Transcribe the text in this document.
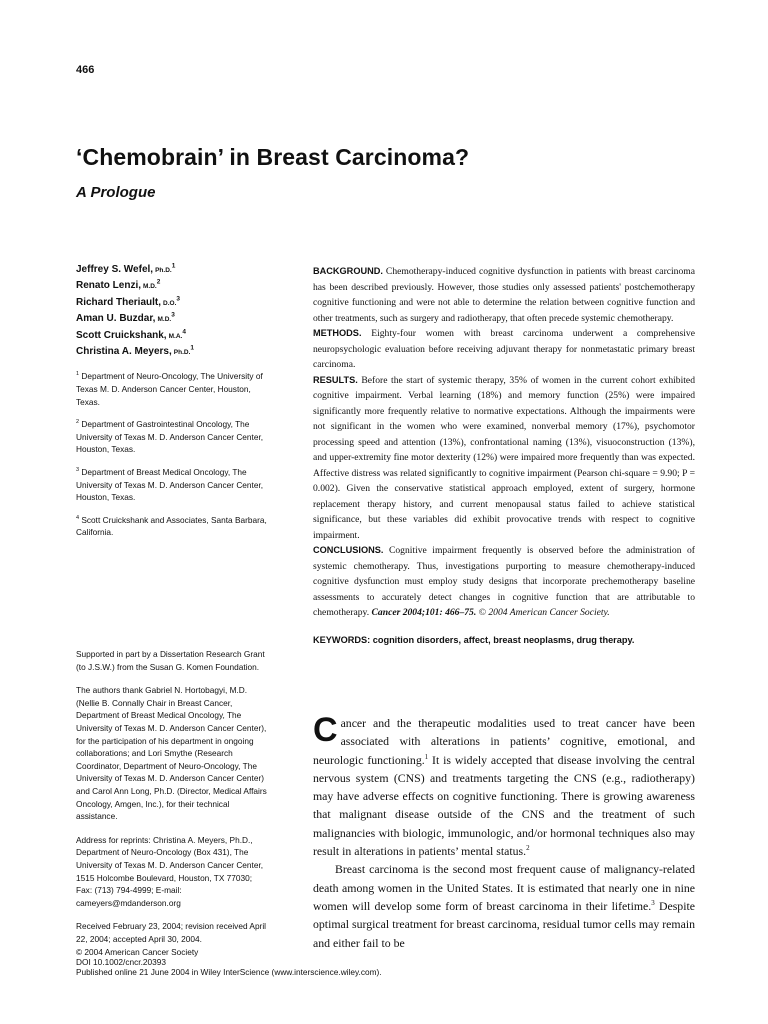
466
‘Chemobrain’ in Breast Carcinoma?
A Prologue
Jeffrey S. Wefel, Ph.D.$^1$
Renato Lenzi, M.D.$^2$
Richard Theriault, D.O.$^3$
Aman U. Buzdar, M.D.$^3$
Scott Cruickshank, M.A.$^4$
Christina A. Meyers, Ph.D.$^1$
$^1$ Department of Neuro-Oncology, The University of Texas M. D. Anderson Cancer Center, Houston, Texas.
$^2$ Department of Gastrointestinal Oncology, The University of Texas M. D. Anderson Cancer Center, Houston, Texas.
$^3$ Department of Breast Medical Oncology, The University of Texas M. D. Anderson Cancer Center, Houston, Texas.
$^4$ Scott Cruickshank and Associates, Santa Barbara, California.

Supported in part by a Dissertation Research Grant (to J.S.W.) from the Susan G. Komen Foundation.

The authors thank Gabriel N. Hortobagyi, M.D. (Nellie B. Connally Chair in Breast Cancer, Department of Breast Medical Oncology, The University of Texas M. D. Anderson Cancer Center), for the participation of his department in ongoing collaborations; and Lori Smythe (Research Coordinator, Department of Neuro-Oncology, The University of Texas M. D. Anderson Cancer Center) and Carol Ann Long, Ph.D. (Director, Medical Affairs Oncology, Amgen, Inc.), for their technical assistance.

Address for reprints: Christina A. Meyers, Ph.D., Department of Neuro-Oncology (Box 431), The University of Texas M. D. Anderson Cancer Center, 1515 Holcombe Boulevard, Houston, TX 77030; Fax: (713) 794-4999; E-mail: cameyers@mdanderson.org

Received February 23, 2004; revision received April 22, 2004; accepted April 30, 2004.

BACKGROUND. Chemotherapy-induced cognitive dysfunction in patients with breast carcinoma has been described previously. However, those studies only assessed patients' postchemotherapy cognitive functioning and were not able to determine the relation between cognitive function and other treatments, such as surgery and radiotherapy, that often precede systemic chemotherapy.
METHODS. Eighty-four women with breast carcinoma underwent a comprehensive neuropsychologic evaluation before receiving adjuvant therapy for nonmetastatic primary breast carcinoma.
RESULTS. Before the start of systemic therapy, 35% of women in the current cohort exhibited cognitive impairment. Verbal learning (18%) and memory function (25%) were impaired significantly more frequently relative to normative expectations. Although the impairments were not significant in the women who were examined, nonverbal memory (17%), psychomotor processing speed and attention (13%), confrontational naming (13%), visuoconstruction (13%), and upper-extremity fine motor dexterity (12%) were impaired more frequently than was expected. Affective distress was related significantly to cognitive impairment (Pearson chi-square = 9.90; P = 0.002). Given the conservative statistical approach employed, extent of surgery, hormone replacement therapy history, and current menopausal status failed to achieve statistical significance, but these variables did exhibit provocative trends with respect to cognitive impairment.
CONCLUSIONS. Cognitive impairment frequently is observed before the administration of systemic chemotherapy. Thus, investigations purporting to measure chemotherapy-induced cognitive dysfunction must employ study designs that incorporate prechemotherapy baseline assessments to accurately detect changes in cognitive function that are attributable to chemotherapy. Cancer 2004;101: 466–75. © 2004 American Cancer Society.
KEYWORDS: cognition disorders, affect, breast neoplasms, drug therapy.

Cancer and the therapeutic modalities used to treat cancer have been associated with alterations in patients’ cognitive, emotional, and neurologic functioning.$^1$ It is widely accepted that disease involving the central nervous system (CNS) and treatments targeting the CNS (e.g., radiotherapy) may have adverse effects on cognitive functioning. There is growing awareness that malignant disease outside of the CNS and the treatment of such malignancies with biologic, immunologic, and/or hormonal techniques also may result in alterations in patients’ mental status.$^2$

Breast carcinoma is the second most frequent cause of malignancy-related death among women in the United States. It is estimated that nearly one in nine women will develop some form of breast carcinoma in their lifetime.$^3$ Despite optimal surgical treatment for breast carcinoma, residual tumor cells may remain and either fail to be

© 2004 American Cancer Society
DOI 10.1002/cncr.20393
Published online 21 June 2004 in Wiley InterScience (www.interscience.wiley.com).
